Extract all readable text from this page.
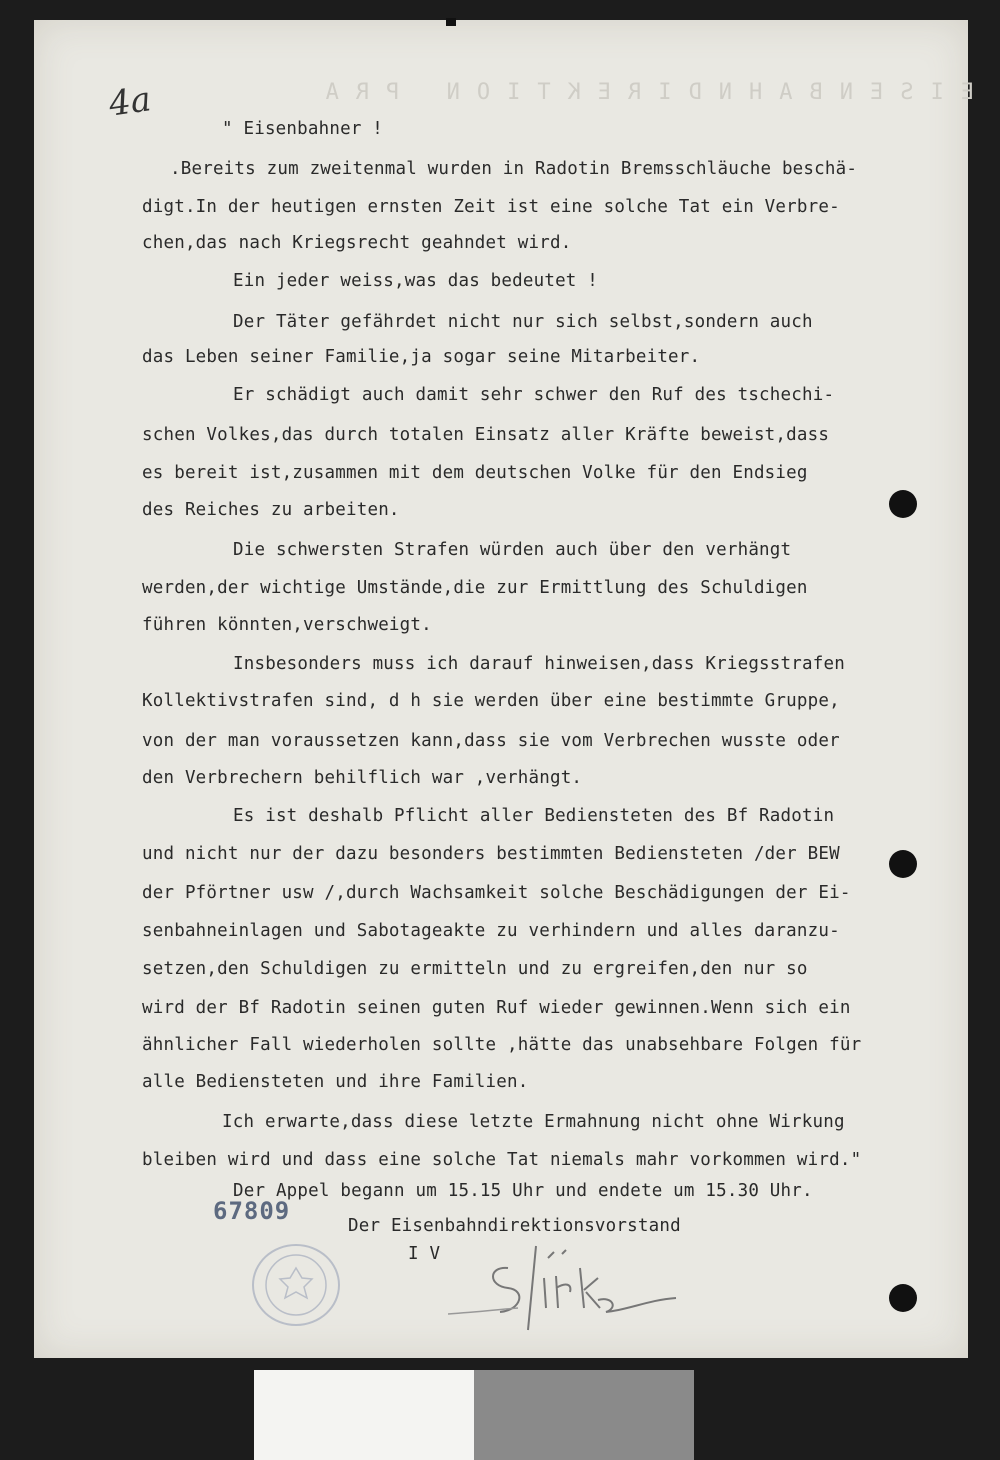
EISENBAHNDIREKTION PRA
4a
" Eisenbahner !
.Bereits zum zweitenmal wurden in Radotin Bremsschläuche beschä-
digt.In der heutigen ernsten Zeit ist eine solche Tat ein Verbre-
chen,das nach Kriegsrecht geahndet wird.
Ein jeder weiss,was das bedeutet !
Der Täter gefährdet nicht nur sich selbst,sondern auch
das Leben seiner Familie,ja sogar seine Mitarbeiter.
Er schädigt auch damit sehr schwer den Ruf des tschechi-
schen Volkes,das durch totalen Einsatz aller Kräfte beweist,dass
es bereit ist,zusammen mit dem deutschen Volke für den Endsieg
des Reiches zu arbeiten.
Die schwersten Strafen würden auch über den verhängt
werden,der wichtige Umstände,die zur Ermittlung des Schuldigen
führen könnten,verschweigt.
Insbesonders muss ich darauf hinweisen,dass Kriegsstrafen
Kollektivstrafen sind, d h sie werden über eine bestimmte Gruppe,
von der man voraussetzen kann,dass sie vom Verbrechen wusste oder
den Verbrechern behilflich war ,verhängt.
Es ist deshalb Pflicht aller Bediensteten des Bf Radotin
und nicht nur der dazu besonders bestimmten Bediensteten /der BEW
der Pförtner usw /,durch Wachsamkeit solche Beschädigungen der Ei-
senbahneinlagen und Sabotageakte zu verhindern und alles daranzu-
setzen,den Schuldigen zu ermitteln und zu ergreifen,den nur so
wird der Bf Radotin seinen guten Ruf wieder gewinnen.Wenn sich ein
ähnlicher Fall wiederholen sollte ,hätte das unabsehbare Folgen für
alle Bediensteten und ihre Familien.
Ich erwarte,dass diese letzte Ermahnung nicht ohne Wirkung
bleiben wird und dass eine solche Tat niemals mahr vorkommen wird."
Der Appel begann um 15.15 Uhr und endete um 15.30 Uhr.
Der Eisenbahndirektionsvorstand
I V
67809
